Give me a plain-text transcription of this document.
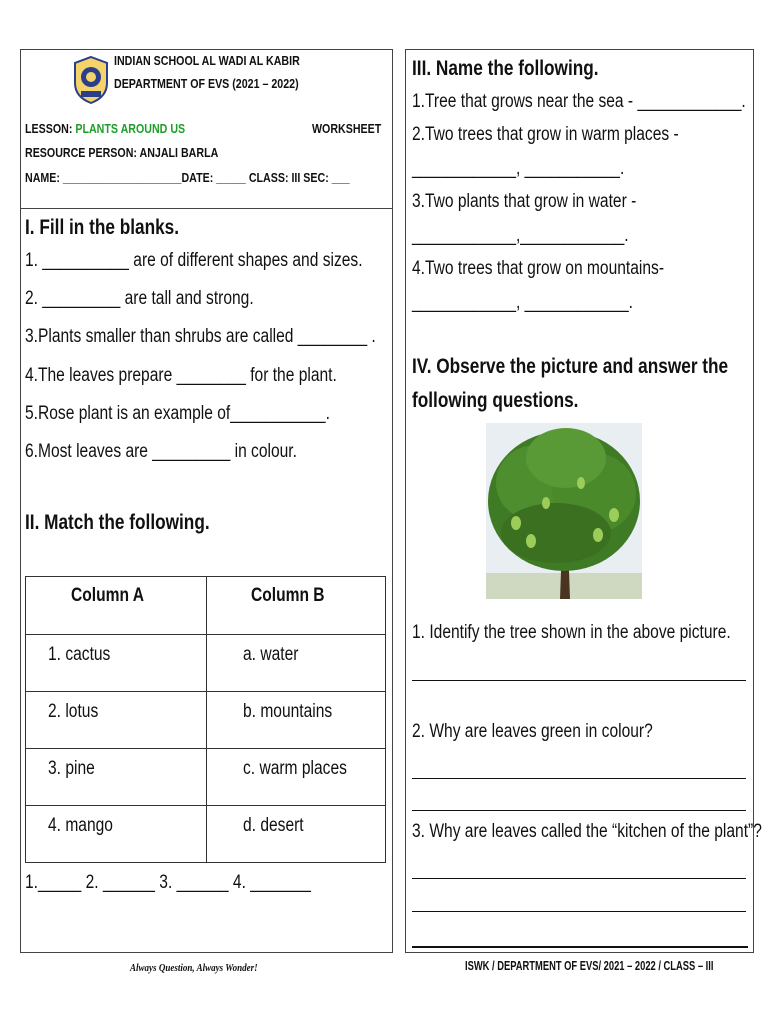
INDIAN SCHOOL AL WADI AL KABIR
DEPARTMENT OF EVS (2021 – 2022)
LESSON: PLANTS AROUND US	WORKSHEET
RESOURCE PERSON: ANJALI BARLA
NAME: ____________________DATE: _____ CLASS: III SEC: ___
I. Fill in the blanks.
1. __________ are of different shapes and sizes.
2. _________ are tall and strong.
3.Plants smaller than shrubs are called ________ .
4.The leaves prepare ________ for the plant.
5.Rose plant is an example of___________.
6.Most leaves are _________ in colour.
II. Match the following.
Column A	Column B
1. cactus	a. water
2. lotus	b. mountains
3. pine	c. warm places
4. mango	d. desert
1._____ 2. ______ 3. ______ 4. _______
III. Name the following.
1.Tree that grows near the sea - ____________.
2.Two trees that grow in warm places -
____________, ___________.
3.Two plants that grow in water -
____________,____________.
4.Two trees that grow on mountains-
____________, ____________.
IV. Observe the picture and answer the
following questions.
1. Identify the tree shown in the above picture.
2. Why are leaves green in colour?
3. Why are leaves called the “kitchen of the plant”?
Always Question, Always Wonder!	ISWK / DEPARTMENT OF EVS/ 2021 – 2022 / CLASS – III
